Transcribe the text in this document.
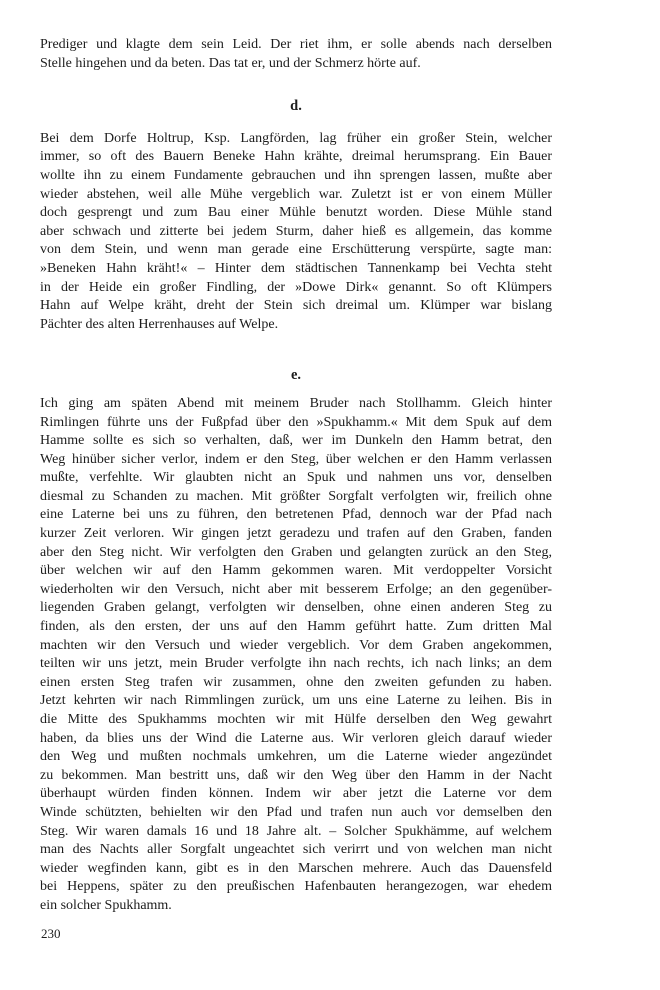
Prediger und klagte dem sein Leid. Der riet ihm, er solle abends nach derselben
Stelle hingehen und da beten. Das tat er, und der Schmerz hörte auf.
d.
Bei dem Dorfe Holtrup, Ksp. Langförden, lag früher ein großer Stein, welcher
immer, so oft des Bauern Beneke Hahn krähte, dreimal herumsprang. Ein Bauer
wollte ihn zu einem Fundamente gebrauchen und ihn sprengen lassen, mußte aber
wieder abstehen, weil alle Mühe vergeblich war. Zuletzt ist er von einem Müller
doch gesprengt und zum Bau einer Mühle benutzt worden. Diese Mühle stand
aber schwach und zitterte bei jedem Sturm, daher hieß es allgemein, das komme
von dem Stein, und wenn man gerade eine Erschütterung verspürte, sagte man:
»Beneken Hahn kräht!« – Hinter dem städtischen Tannenkamp bei Vechta steht
in der Heide ein großer Findling, der »Dowe Dirk« genannt. So oft Klümpers
Hahn auf Welpe kräht, dreht der Stein sich dreimal um. Klümper war bislang
Pächter des alten Herrenhauses auf Welpe.
e.
Ich ging am späten Abend mit meinem Bruder nach Stollhamm. Gleich hinter
Rimlingen führte uns der Fußpfad über den »Spukhamm.« Mit dem Spuk auf dem
Hamme sollte es sich so verhalten, daß, wer im Dunkeln den Hamm betrat, den
Weg hinüber sicher verlor, indem er den Steg, über welchen er den Hamm verlassen
mußte, verfehlte. Wir glaubten nicht an Spuk und nahmen uns vor, denselben
diesmal zu Schanden zu machen. Mit größter Sorgfalt verfolgten wir, freilich ohne
eine Laterne bei uns zu führen, den betretenen Pfad, dennoch war der Pfad nach
kurzer Zeit verloren. Wir gingen jetzt geradezu und trafen auf den Graben, fanden
aber den Steg nicht. Wir verfolgten den Graben und gelangten zurück an den Steg,
über welchen wir auf den Hamm gekommen waren. Mit verdoppelter Vorsicht
wiederholten wir den Versuch, nicht aber mit besserem Erfolge; an den gegenüber-
liegenden Graben gelangt, verfolgten wir denselben, ohne einen anderen Steg zu
finden, als den ersten, der uns auf den Hamm geführt hatte. Zum dritten Mal
machten wir den Versuch und wieder vergeblich. Vor dem Graben angekommen,
teilten wir uns jetzt, mein Bruder verfolgte ihn nach rechts, ich nach links; an dem
einen ersten Steg trafen wir zusammen, ohne den zweiten gefunden zu haben.
Jetzt kehrten wir nach Rimmlingen zurück, um uns eine Laterne zu leihen. Bis in
die Mitte des Spukhamms mochten wir mit Hülfe derselben den Weg gewahrt
haben, da blies uns der Wind die Laterne aus. Wir verloren gleich darauf wieder
den Weg und mußten nochmals umkehren, um die Laterne wieder angezündet
zu bekommen. Man bestritt uns, daß wir den Weg über den Hamm in der Nacht
überhaupt würden finden können. Indem wir aber jetzt die Laterne vor dem
Winde schützten, behielten wir den Pfad und trafen nun auch vor demselben den
Steg. Wir waren damals 16 und 18 Jahre alt. – Solcher Spukhämme, auf welchem
man des Nachts aller Sorgfalt ungeachtet sich verirrt und von welchen man nicht
wieder wegfinden kann, gibt es in den Marschen mehrere. Auch das Dauensfeld
bei Heppens, später zu den preußischen Hafenbauten herangezogen, war ehedem
ein solcher Spukhamm.
230
